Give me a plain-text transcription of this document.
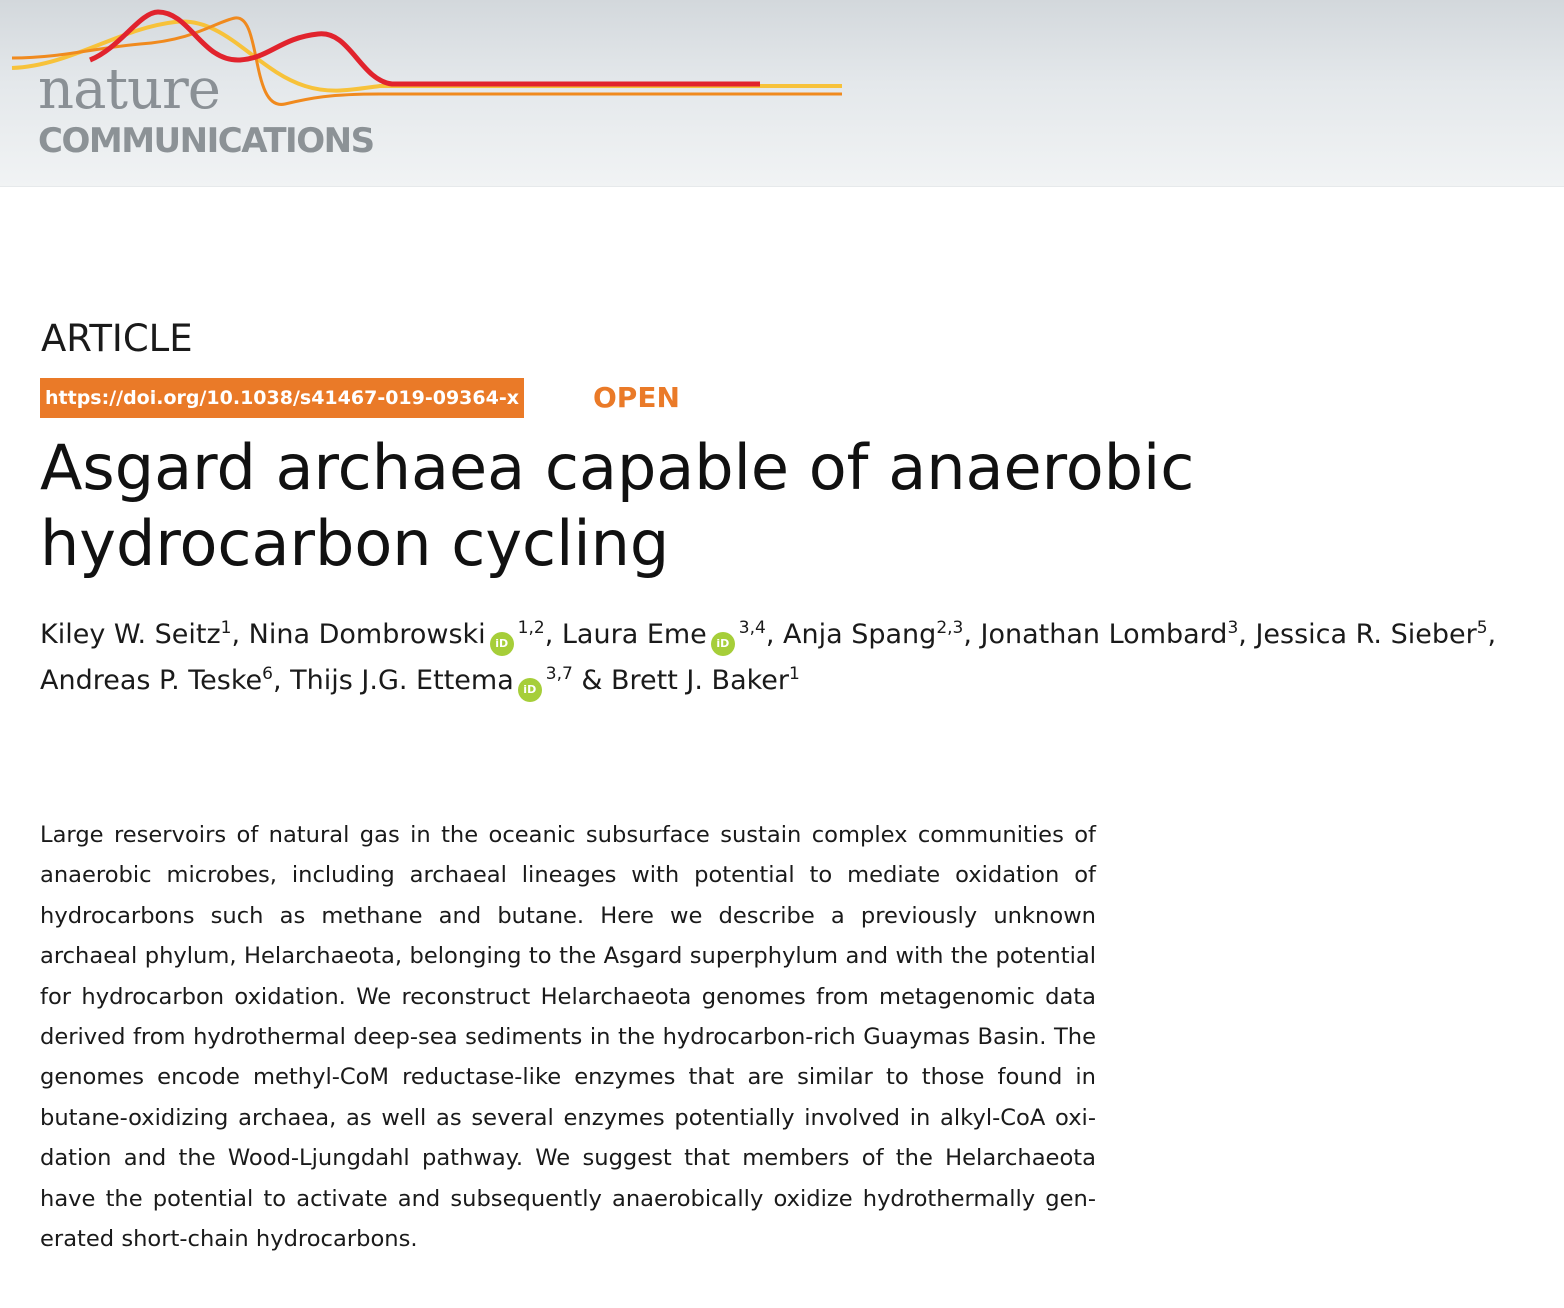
nature
COMMUNICATIONS
ARTICLE
https://doi.org/10.1038/s41467-019-09364-x	OPEN
Asgard archaea capable of anaerobic hydrocarbon cycling
Kiley W. Seitz$^1$, Nina Dombrowski iD$^{1,2}$, Laura Eme iD$^{3,4}$, Anja Spang$^{2,3}$, Jonathan Lombard$^3$, Jessica R. Sieber$^5$, Andreas P. Teske$^6$, Thijs J.G. Ettema iD$^{3,7}$ & Brett J. Baker$^1$

Large reservoirs of natural gas in the oceanic subsurface sustain complex communities of anaerobic microbes, including archaeal lineages with potential to mediate oxidation of hydrocarbons such as methane and butane. Here we describe a previously unknown archaeal phylum, Helarchaeota, belonging to the Asgard superphylum and with the potential for hydrocarbon oxidation. We reconstruct Helarchaeota genomes from metagenomic data derived from hydrothermal deep-sea sediments in the hydrocarbon-rich Guaymas Basin. The genomes encode methyl-CoM reductase-like enzymes that are similar to those found in butane-oxidizing archaea, as well as several enzymes potentially involved in alkyl-CoA oxidation and the Wood-Ljungdahl pathway. We suggest that members of the Helarchaeota have the potential to activate and subsequently anaerobically oxidize hydrothermally generated short-chain hydrocarbons.
